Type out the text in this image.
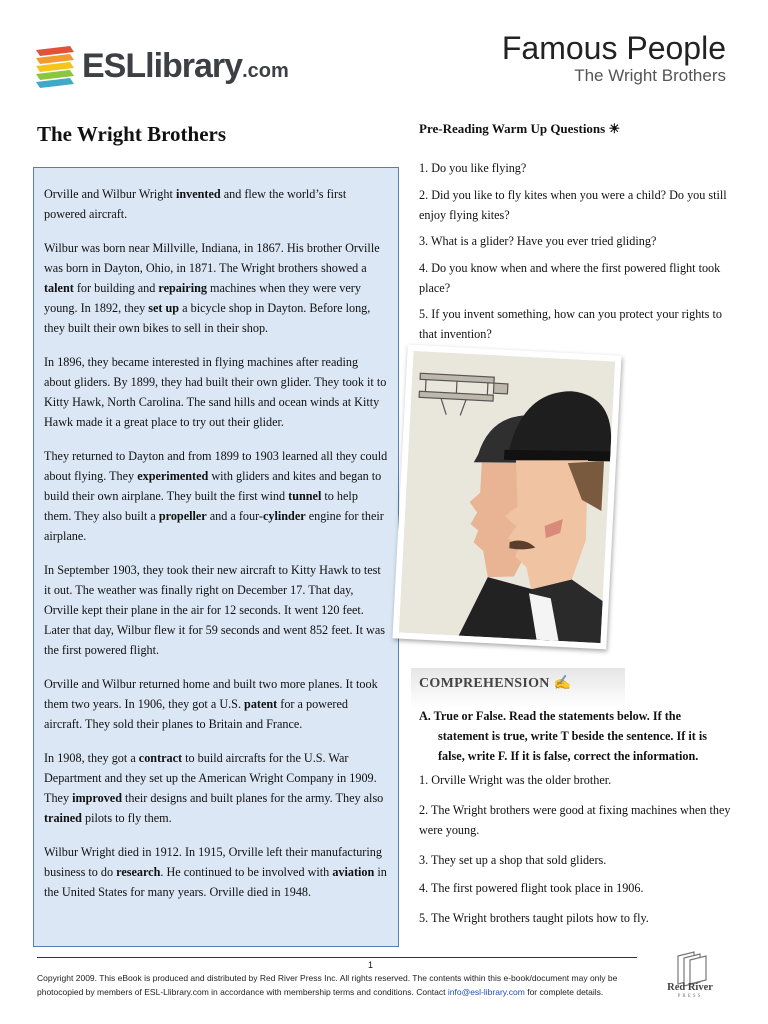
ESLlibrary.com
Famous People
The Wright Brothers
The Wright Brothers

Orville and Wilbur Wright invented and flew the world’s first powered aircraft.

Wilbur was born near Millville, Indiana, in 1867. His brother Orville was born in Dayton, Ohio, in 1871. The Wright brothers showed a talent for building and repairing machines when they were very young. In 1892, they set up a bicycle shop in Dayton. Before long, they built their own bikes to sell in their shop.

In 1896, they became interested in flying machines after reading about gliders. By 1899, they had built their own glider. They took it to Kitty Hawk, North Carolina. The sand hills and ocean winds at Kitty Hawk made it a great place to try out their glider.

They returned to Dayton and from 1899 to 1903 learned all they could about flying. They experimented with gliders and kites and began to build their own airplane. They built the first wind tunnel to help them. They also built a propeller and a four-cylinder engine for their airplane.

In September 1903, they took their new aircraft to Kitty Hawk to test it out. The weather was finally right on December 17. That day, Orville kept their plane in the air for 12 seconds. It went 120 feet. Later that day, Wilbur flew it for 59 seconds and went 852 feet. It was the first powered flight.

Orville and Wilbur returned home and built two more planes. It took them two years. In 1906, they got a U.S. patent for a powered aircraft. They sold their planes to Britain and France.

In 1908, they got a contract to build aircrafts for the U.S. War Department and they set up the American Wright Company in 1909. They improved their designs and built planes for the army. They also trained pilots to fly them.

Wilbur Wright died in 1912. In 1915, Orville left their manufacturing business to do research. He continued to be involved with aviation in the United States for many years. Orville died in 1948.

Pre-Reading Warm Up Questions ☀
1. Do you like flying?
2. Did you like to fly kites when you were a child? Do you still enjoy flying kites?
3. What is a glider? Have you ever tried gliding?
4. Do you know when and where the first powered flight took place?
5. If you invent something, how can you protect your rights to that invention?
COMPREHENSION ✍
A. True or False. Read the statements below. If the
statement is true, write T beside the sentence. If it is false, write F. If it is false, correct the information.
1. Orville Wright was the older brother.
2. The Wright brothers were good at fixing machines when they were young.
3. They set up a shop that sold gliders.
4. The first powered flight took place in 1906.
5. The Wright brothers taught pilots how to fly.
1
Copyright 2009. This eBook is produced and distributed by Red River Press Inc. All rights reserved. The contents within this e-book/document may only be photocopied by members of ESL-Llibrary.com in accordance with membership terms and conditions. Contact info@esl-library.com for complete details.	Red River
PRESS
